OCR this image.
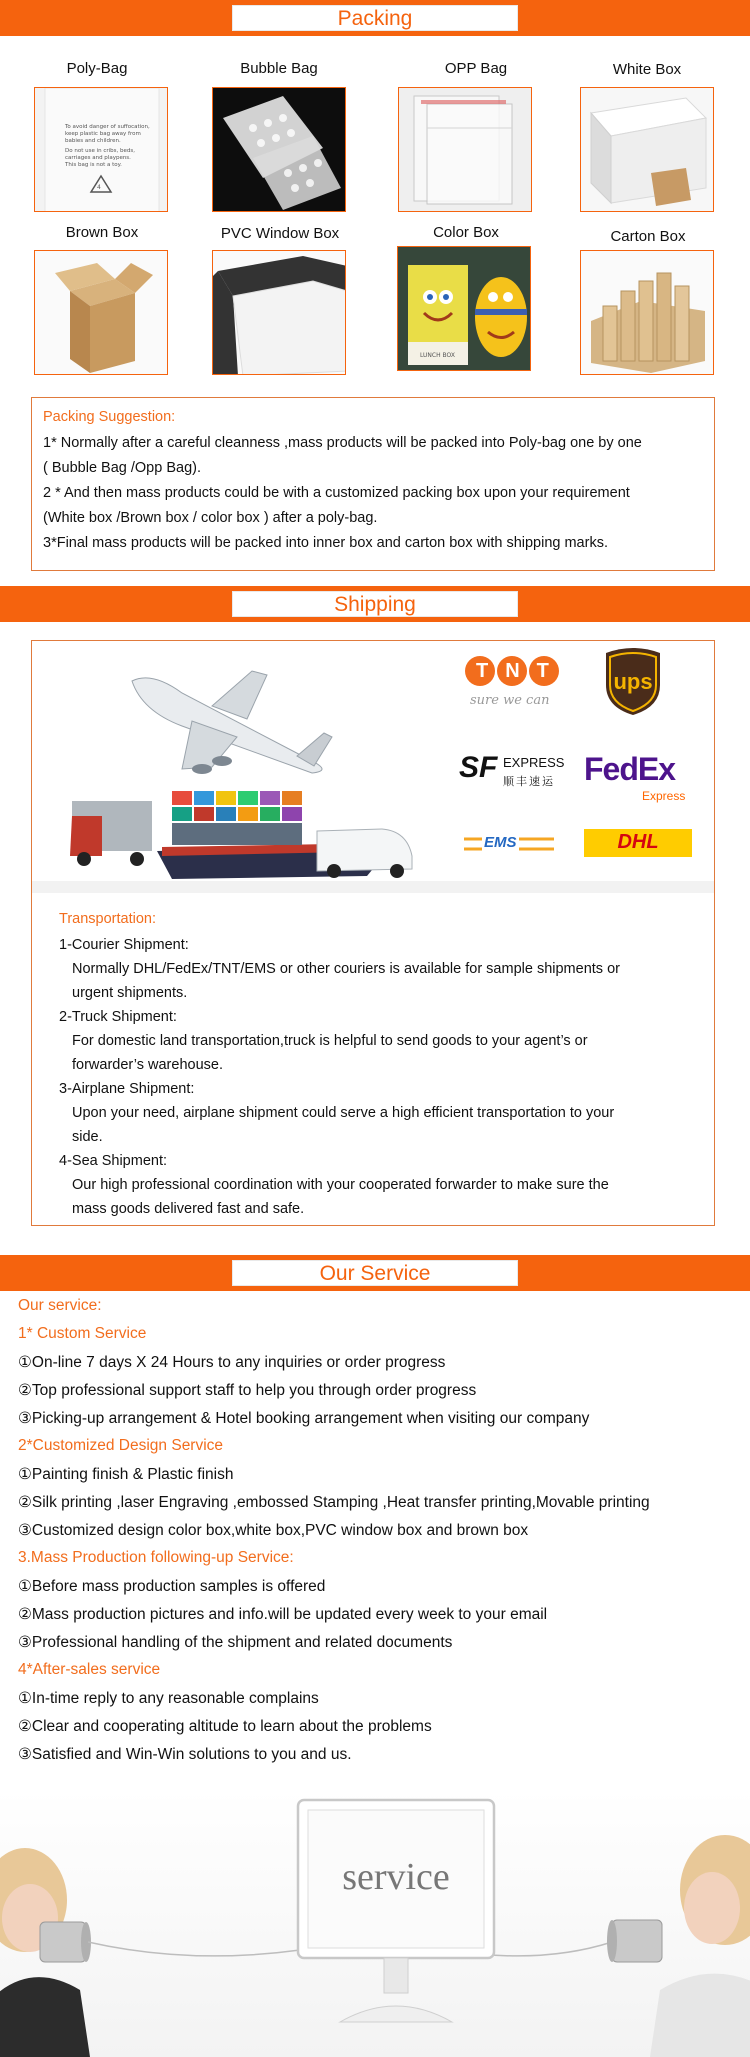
Packing
Poly-Bag	Bubble Bag	OPP Bag	White Box
To avoid danger of suffocation,
keep plastic bag away from
babies and children.
Do not use in cribs, beds,
carriages and playpens.
This bag is not a toy.
4
Brown Box	PVC Window Box	Color Box	Carton Box
LUNCH BOX
Packing Suggestion:
1* Normally after a careful cleanness ,mass products will be packed into Poly-bag one by one
( Bubble Bag /Opp Bag).
2 * And then mass products could be with a customized packing box upon your requirement
(White box /Brown box / color box ) after a poly-bag.
3*Final mass products will be packed into inner box and carton box with shipping marks.
Shipping
TNT
sure we can
ups
SF EXPRESS
顺丰速运 FedEx
Express
EMS	DHL
Transportation:
1-Courier Shipment:
Normally DHL/FedEx/TNT/EMS or other couriers is available for sample shipments or
urgent shipments.
2-Truck Shipment:
For domestic land transportation,truck is helpful to send goods to your agent’s or
forwarder’s warehouse.
3-Airplane Shipment:
Upon your need, airplane shipment could serve a high efficient transportation to your
side.
4-Sea Shipment:
Our high professional coordination with your cooperated forwarder to make sure the
mass goods delivered fast and safe.
Our Service
Our service:
1* Custom Service
①On-line 7 days X 24 Hours to any inquiries or order progress
②Top professional support staff to help you through order progress
③Picking-up arrangement & Hotel booking arrangement when visiting our company
2*Customized Design Service
①Painting finish & Plastic finish
②Silk printing ,laser Engraving ,embossed Stamping ,Heat transfer printing,Movable printing
③Customized design color box,white box,PVC window box and brown box
3.Mass Production following-up Service:
①Before mass production samples is offered
②Mass production pictures and info.will be updated every week to your email
③Professional handling of the shipment and related documents
4*After-sales service
①In-time reply to any reasonable complains
②Clear and cooperating altitude to learn about the problems
③Satisfied and Win-Win solutions to you and us.
service
